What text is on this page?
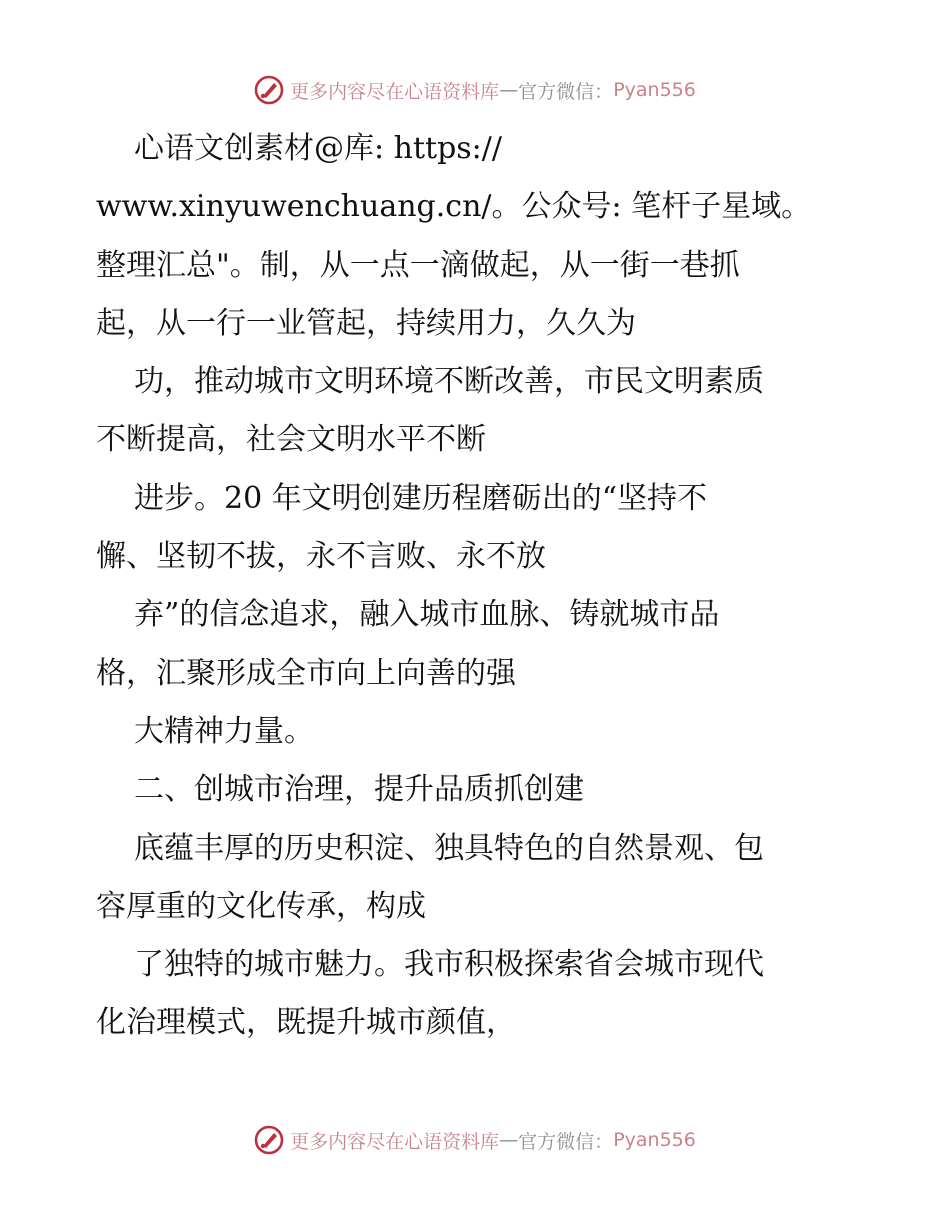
更多内容尽在心语资料库 — 官方微信： Pyan556
心语文创素材@库: https://
www.xinyuwenchuang.cn/。公众号: 笔杆子星域。
整理汇总"。制，从一点一滴做起，从一街一巷抓
起，从一行一业管起，持续用力，久久为
功，推动城市文明环境不断改善，市民文明素质
不断提高，社会文明水平不断
进步。20 年文明创建历程磨砺出的“坚持不
懈、坚韧不拔，永不言败、永不放
弃”的信念追求，融入城市血脉、铸就城市品
格，汇聚形成全市向上向善的强
大精神力量。
二、创城市治理，提升品质抓创建
底蕴丰厚的历史积淀、独具特色的自然景观、包
容厚重的文化传承，构成
了独特的城市魅力。我市积极探索省会城市现代
化治理模式，既提升城市颜值，
更多内容尽在心语资料库 — 官方微信： Pyan556
